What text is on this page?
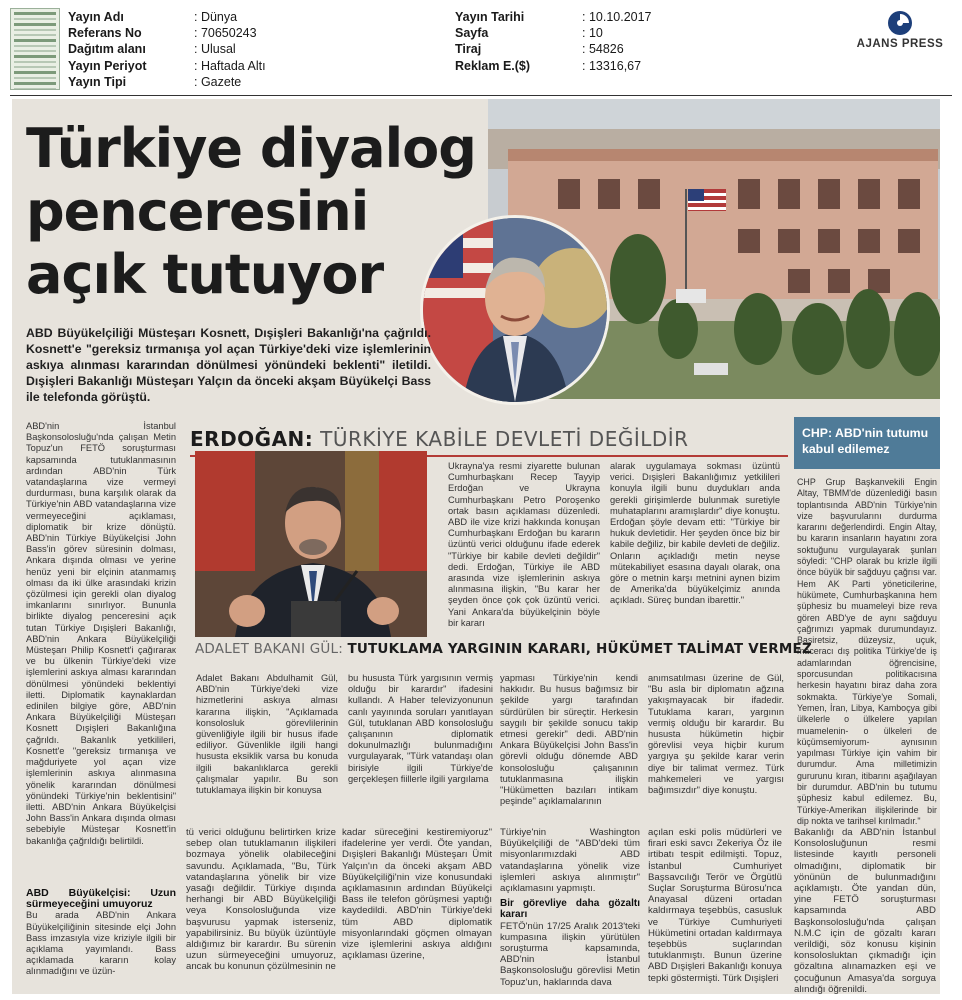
Yayın Adı	: Dünya
Referans No	: 70650243
Dağıtım alanı	: Ulusal
Yayın Periyot	: Haftada Altı
Yayın Tipi	: Gazete
Yayın Tarihi	: 10.10.2017
Sayfa	: 10
Tiraj	: 54826
Reklam E.($)	: 13316,67
AJANS PRESS
Türkiye diyalog
penceresini
açık tutuyor
ABD Büyükelçiliği Müsteşarı Kosnett, Dışişleri Bakanlığı'na çağrıldı. Kosnett'e "gereksiz tırmanışa yol açan Türkiye'deki vize işlemlerinin askıya alınması kararından dönülmesi yönündeki beklenti" iletildi. Dışişleri Bakanlığı Müsteşarı Yalçın da önceki akşam Büyükelçi Bass ile telefonda görüştü.
ABD'nin İstanbul Başkonsolosluğu'nda çalışan Metin Topuz'un FETÖ soruşturması kapsamında tutuklanmasının ardından ABD'nin Türk vatandaşlarına vize vermeyi durdurması, buna karşılık olarak da Türkiye'nin ABD vatandaşlarına vize vermeyeceğini açıklaması, diplomatik bir krize dönüştü. ABD'nin Türkiye Büyükelçisi John Bass'in görev süresinin dolması, Ankara dışında olması ve yerine henüz yeni bir elçinin atanmamış olması da iki ülke arasındaki krizin çözülmesi için gerekli olan diyalog imkanlarını sınırlıyor. Bununla birlikte diyalog penceresini açık tutan Türkiye Dışişleri Bakanlığı, ABD'nin Ankara Büyükelçiliği Müsteşarı Philip Kosnett'i çağıraraк ve bu ülkenin Türkiye'deki vize işlemlerini askıya alması kararından dönülmesi yönündeki beklentiyi iletti. Diplomatik kaynaklardan edinilen bilgiye göre, ABD'nin Ankara Büyükelçiliği Müsteşarı Kosnett Dışişleri Bakanlığına çağrıldı. Bakanlık yetkilileri, Kosnett'e "gereksiz tırmanışa ve mağduriyete yol açan vize işlemlerinin askıya alınmasına yönelik kararından dönülmesi yönündeki Türkiye'nin beklentisini" iletti. ABD'nin Ankara Büyükelçisi John Bass'in Ankara dışında olması sebebiyle Müsteşar Kosnett'in bakanlığa çağrıldığı belirtildi.
ABD Büyükelçisi: Uzun sürmeyeceğini umuyoruz
Bu arada ABD'nin Ankara Büyükelçiliğinin sitesinde elçi John Bass imzasıyla vize kriziyle ilgili bir açıklama yayımlandı. Bass açıklamada kararın kolay alınmadığını ve üzün-
ERDOĞAN: TÜRKİYE KABİLE DEVLETİ DEĞİLDİR
Ukrayna'ya resmi ziyarette bulunan Cumhurbaşkanı Recep Tayyip Erdoğan ve Ukrayna Cumhurbaşkanı Petro Poroşenko ortak basın açıklaması düzenledi. ABD ile vize krizi hakkında konuşan Cumhurbaşkanı Erdoğan bu kararın üzüntü verici olduğunu ifade ederek "Türkiye bir kabile devleti değildir" dedi. Erdoğan, Türkiye ile ABD arasında vize işlemlerinin askıya alınmasına ilişkin, "Bu karar her şeyden önce çok çok üzüntü verici. Yani Ankara'da büyükelçinin böyle bir kararı
alarak uygulamaya sokması üzüntü verici. Dışişleri Bakanlığımız yetkilileri konuyla ilgili bunu duydukları anda gerekli girişimlerde bulunmak suretiyle muhataplarını aramışlardır" diye konuştu. Erdoğan şöyle devam etti: "Türkiye bir hukuk devletidir. Her şeyden önce biz bir kabile değiliz, bir kabile devleti de değiliz. Onların açıkladığı metin neyse mütekabiliyet esasına dayalı olarak, ona göre o metnin karşı metnini aynen bizim de Amerika'da büyükelçimiz anında açıkladı. Süreç bundan ibarettir."
CHP: ABD'nin tutumu kabul edilemez
CHP Grup Başkanvekili Engin Altay, TBMM'de düzenlediği basın toplantısında ABD'nin Türkiye'nin vize başvurularını durdurma kararını değerlendirdi. Engin Altay, bu kararın insanların hayatını zora soktuğunu vurgulayarak şunları söyledi: "CHP olarak bu krizle ilgili önce büyük bir sağduyu çağrısı var. Hem AK Parti yöneticilerine, hükümete, Cumhurbaşkanına hem şüphesiz bu muameleyi bize reva gören ABD'ye de aynı sağduyu çağrımızı yapmak durumundayız. Basiretsiz, düzeysiz, uçuk, maceracı dış politika Türkiye'de iş adamlarından öğrencisine, sporcusundan politikacısına herkesin hayatını biraz daha zora sokmakta. Türkiye'ye Somali, Yemen, İran, Libya, Kamboçya gibi ülkelerle o ülkelere yapılan muamelenin- o ülkeleri de küçümsemiyorum- aynısının yapılması Türkiye için vahim bir durumdur. Ama milletimizin gururunu kıran, itibarını aşağılayan bir durumdur. ABD'nin bu tutumu şüphesiz kabul edilemez. Bu, Türkiye-Amerikan ilişkilerinde bir dip nokta ve tarihsel kırılmadır."
ADALET BAKANI GÜL: TUTUKLAMA YARGININ KARARI, HÜKÜMET TALİMAT VERMEZ
Adalet Bakanı Abdulhamit Gül, ABD'nin Türkiye'deki vize hizmetlerini askıya alması kararına ilişkin, "Açıklamada konsolosluk görevlilerinin güvenliğiyle ilgili bir husus ifade ediliyor. Güvenlikle ilgili hangi hususta eksiklik varsa bu konuda ilgili bakanlıklarca gerekli çalışmalar yapılır. Bu son tutuklamaya ilişkin bir konuysa
bu hususta Türk yargısının vermiş olduğu bir karardır" ifadesini kullandı. A Haber televizyonunun canlı yayınında soruları yanıtlayan Gül, tutuklanan ABD konsolosluğu çalışanının diplomatik dokunulmazlığı bulunmadığını vurgulayarak, "Türk vatandaşı olan birisiyle ilgili Türkiye'de gerçekleşen fiillerle ilgili yargılama
yapması Türkiye'nin kendi hakkıdır. Bu husus bağımsız bir şekilde yargı tarafından sürdürülen bir süreçtir. Herkesin saygılı bir şekilde sonucu takip etmesi gerekir" dedi. ABD'nin Ankara Büyükelçisi John Bass'in görevli olduğu dönemde ABD konsolosluğu çalışanının tutuklanmasına ilişkin "Hükümetten bazıları intikam peşinde" açıklamalarının
anımsatılması üzerine de Gül, "Bu asla bir diplomatın ağzına yakışmayacak bir ifadedir. Tutuklama kararı, yargının vermiş olduğu bir karardır. Bu hususta hükümetin hiçbir görevlisi veya hiçbir kurum yargıya şu şekilde karar verin diye bir talimat vermez. Türk mahkemeleri ve yargısı bağımsızdır" diye konuştu.
tü verici olduğunu belirtirken krize sebep olan tutuklamanın ilişkileri bozmaya yönelik olabileceğini savundu. Açıklamada, "Bu, Türk vatandaşlarına yönelik bir vize yasağı değildir. Türkiye dışında herhangi bir ABD Büyükelçiliği veya Konsolosluğunda vize başvurusu yapmak isterseniz, yapabilirsiniz. Bu büyük üzüntüyle aldığımız bir karardır. Bu sürenin uzun sürmeyeceğini umuyoruz, ancak bu konunun çözülmesinin ne
kadar süreceğini kestiremiyoruz" ifadelerine yer verdi. Öte yandan, Dışişleri Bakanlığı Müsteşarı Ümit Yalçın'ın da önceki akşam ABD Büyükelçiliği'nin vize konusundaki açıklamasının ardından Büyükelçi Bass ile telefon görüşmesi yaptığı kaydedildi. ABD'nin Türkiye'deki tüm ABD diplomatik misyonlarındaki göçmen olmayan vize işlemlerini askıya aldığını açıklaması üzerine,
Türkiye'nin Washington Büyükelçiliği de "ABD'deki tüm misyonlarımızdaki ABD vatandaşlarına yönelik vize işlemleri askıya alınmıştır" açıklamasını yapmıştı.
Bir görevliye daha gözaltı kararı
FETÖ'nün 17/25 Aralık 2013'teki kumpasına ilişkin yürütülen soruşturma kapsamında, ABD'nin İstanbul Başkonsolosluğu görevlisi Metin Topuz'un, haklarında dava
açılan eski polis müdürleri ve firari eski savcı Zekeriya Öz ile irtibatı tespit edilmişti. Topuz, İstanbul Cumhuriyet Başsavcılığı Terör ve Örgütlü Suçlar Soruşturma Bürosu'nca Anayasal düzeni ortadan kaldırmaya teşebbüs, casusluk ve Türkiye Cumhuriyeti Hükümetini ortadan kaldırmaya teşebbüs suçlarından tutuklanmıştı. Bunun üzerine ABD Dışişleri Bakanlığı konuya tepki göstermişti. Türk Dışişleri
Bakanlığı da ABD'nin İstanbul Konsolosluğunun resmi listesinde kayıtlı personeli olmadığını, diplomatik bir yönünün de bulunmadığını açıklamıştı. Öte yandan dün, yine FETÖ soruşturması kapsamında ABD Başkonsolosluğu'nda çalışan N.M.C için de gözaltı kararı verildiği, söz konusu kişinin konsolosluktan çıkmadığı için gözaltına alınamazken eşi ve çocuğunun Amasya'da sorguya alındığı öğrenildi.
